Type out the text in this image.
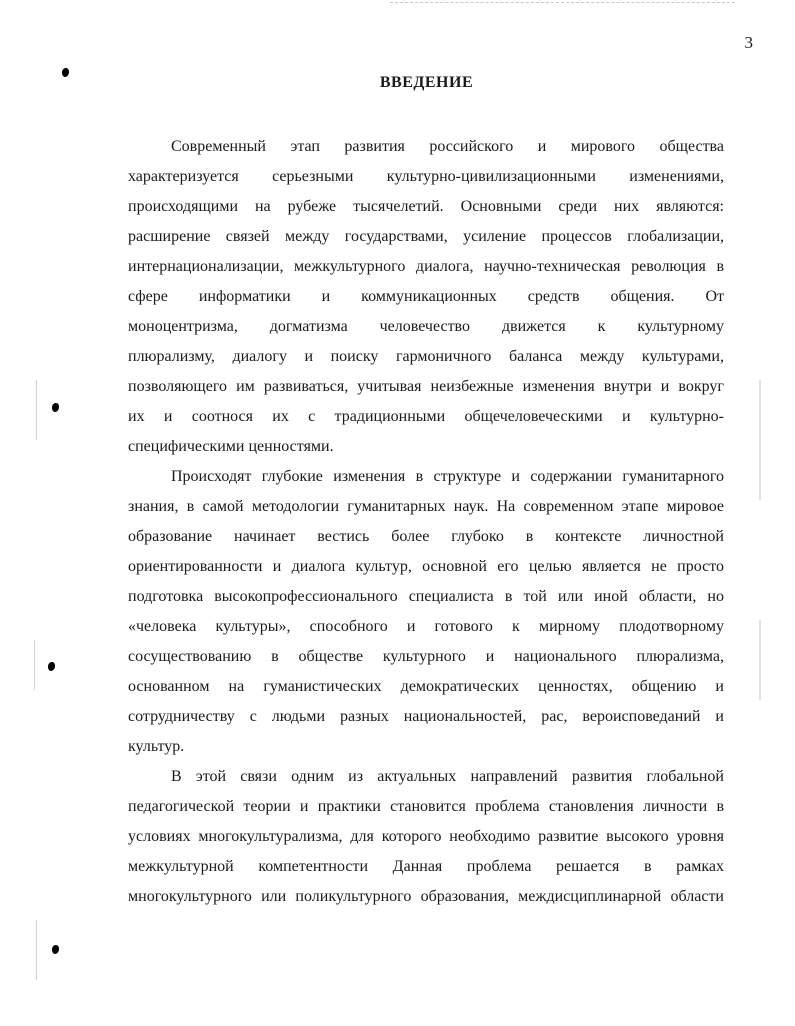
3
ВВЕДЕНИЕ

Современный этап развития российского и мирового общества
характеризуется серьезными культурно-цивилизационными изменениями,
происходящими на рубеже тысячелетий. Основными среди них являются:
расширение связей между государствами, усиление процессов глобализации,
интернационализации, межкультурного диалога, научно-техническая революция в
сфере информатики и коммуникационных средств общения. От
моноцентризма, догматизма человечество движется к культурному
плюрализму, диалогу и поиску гармоничного баланса между культурами,
позволяющего им развиваться, учитывая неизбежные изменения внутри и вокруг
их и соотнося их с традиционными общечеловеческими и культурно-
специфическими ценностями.

Происходят глубокие изменения в структуре и содержании гуманитарного
знания, в самой методологии гуманитарных наук. На современном этапе мировое
образование начинает вестись более глубоко в контексте личностной
ориентированности и диалога культур, основной его целью является не просто
подготовка высокопрофессионального специалиста в той или иной области, но
«человека культуры», способного и готового к мирному плодотворному
сосуществованию в обществе культурного и национального плюрализма,
основанном на гуманистических демократических ценностях, общению и
сотрудничеству с людьми разных национальностей, рас, вероисповеданий и
культур.

В этой связи одним из актуальных направлений развития глобальной
педагогической теории и практики становится проблема становления личности в
условиях многокультурализма, для которого необходимо развитие высокого уровня
межкультурной компетентности Данная проблема решается в рамках
многокультурного или поликультурного образования, междисциплинарной области
